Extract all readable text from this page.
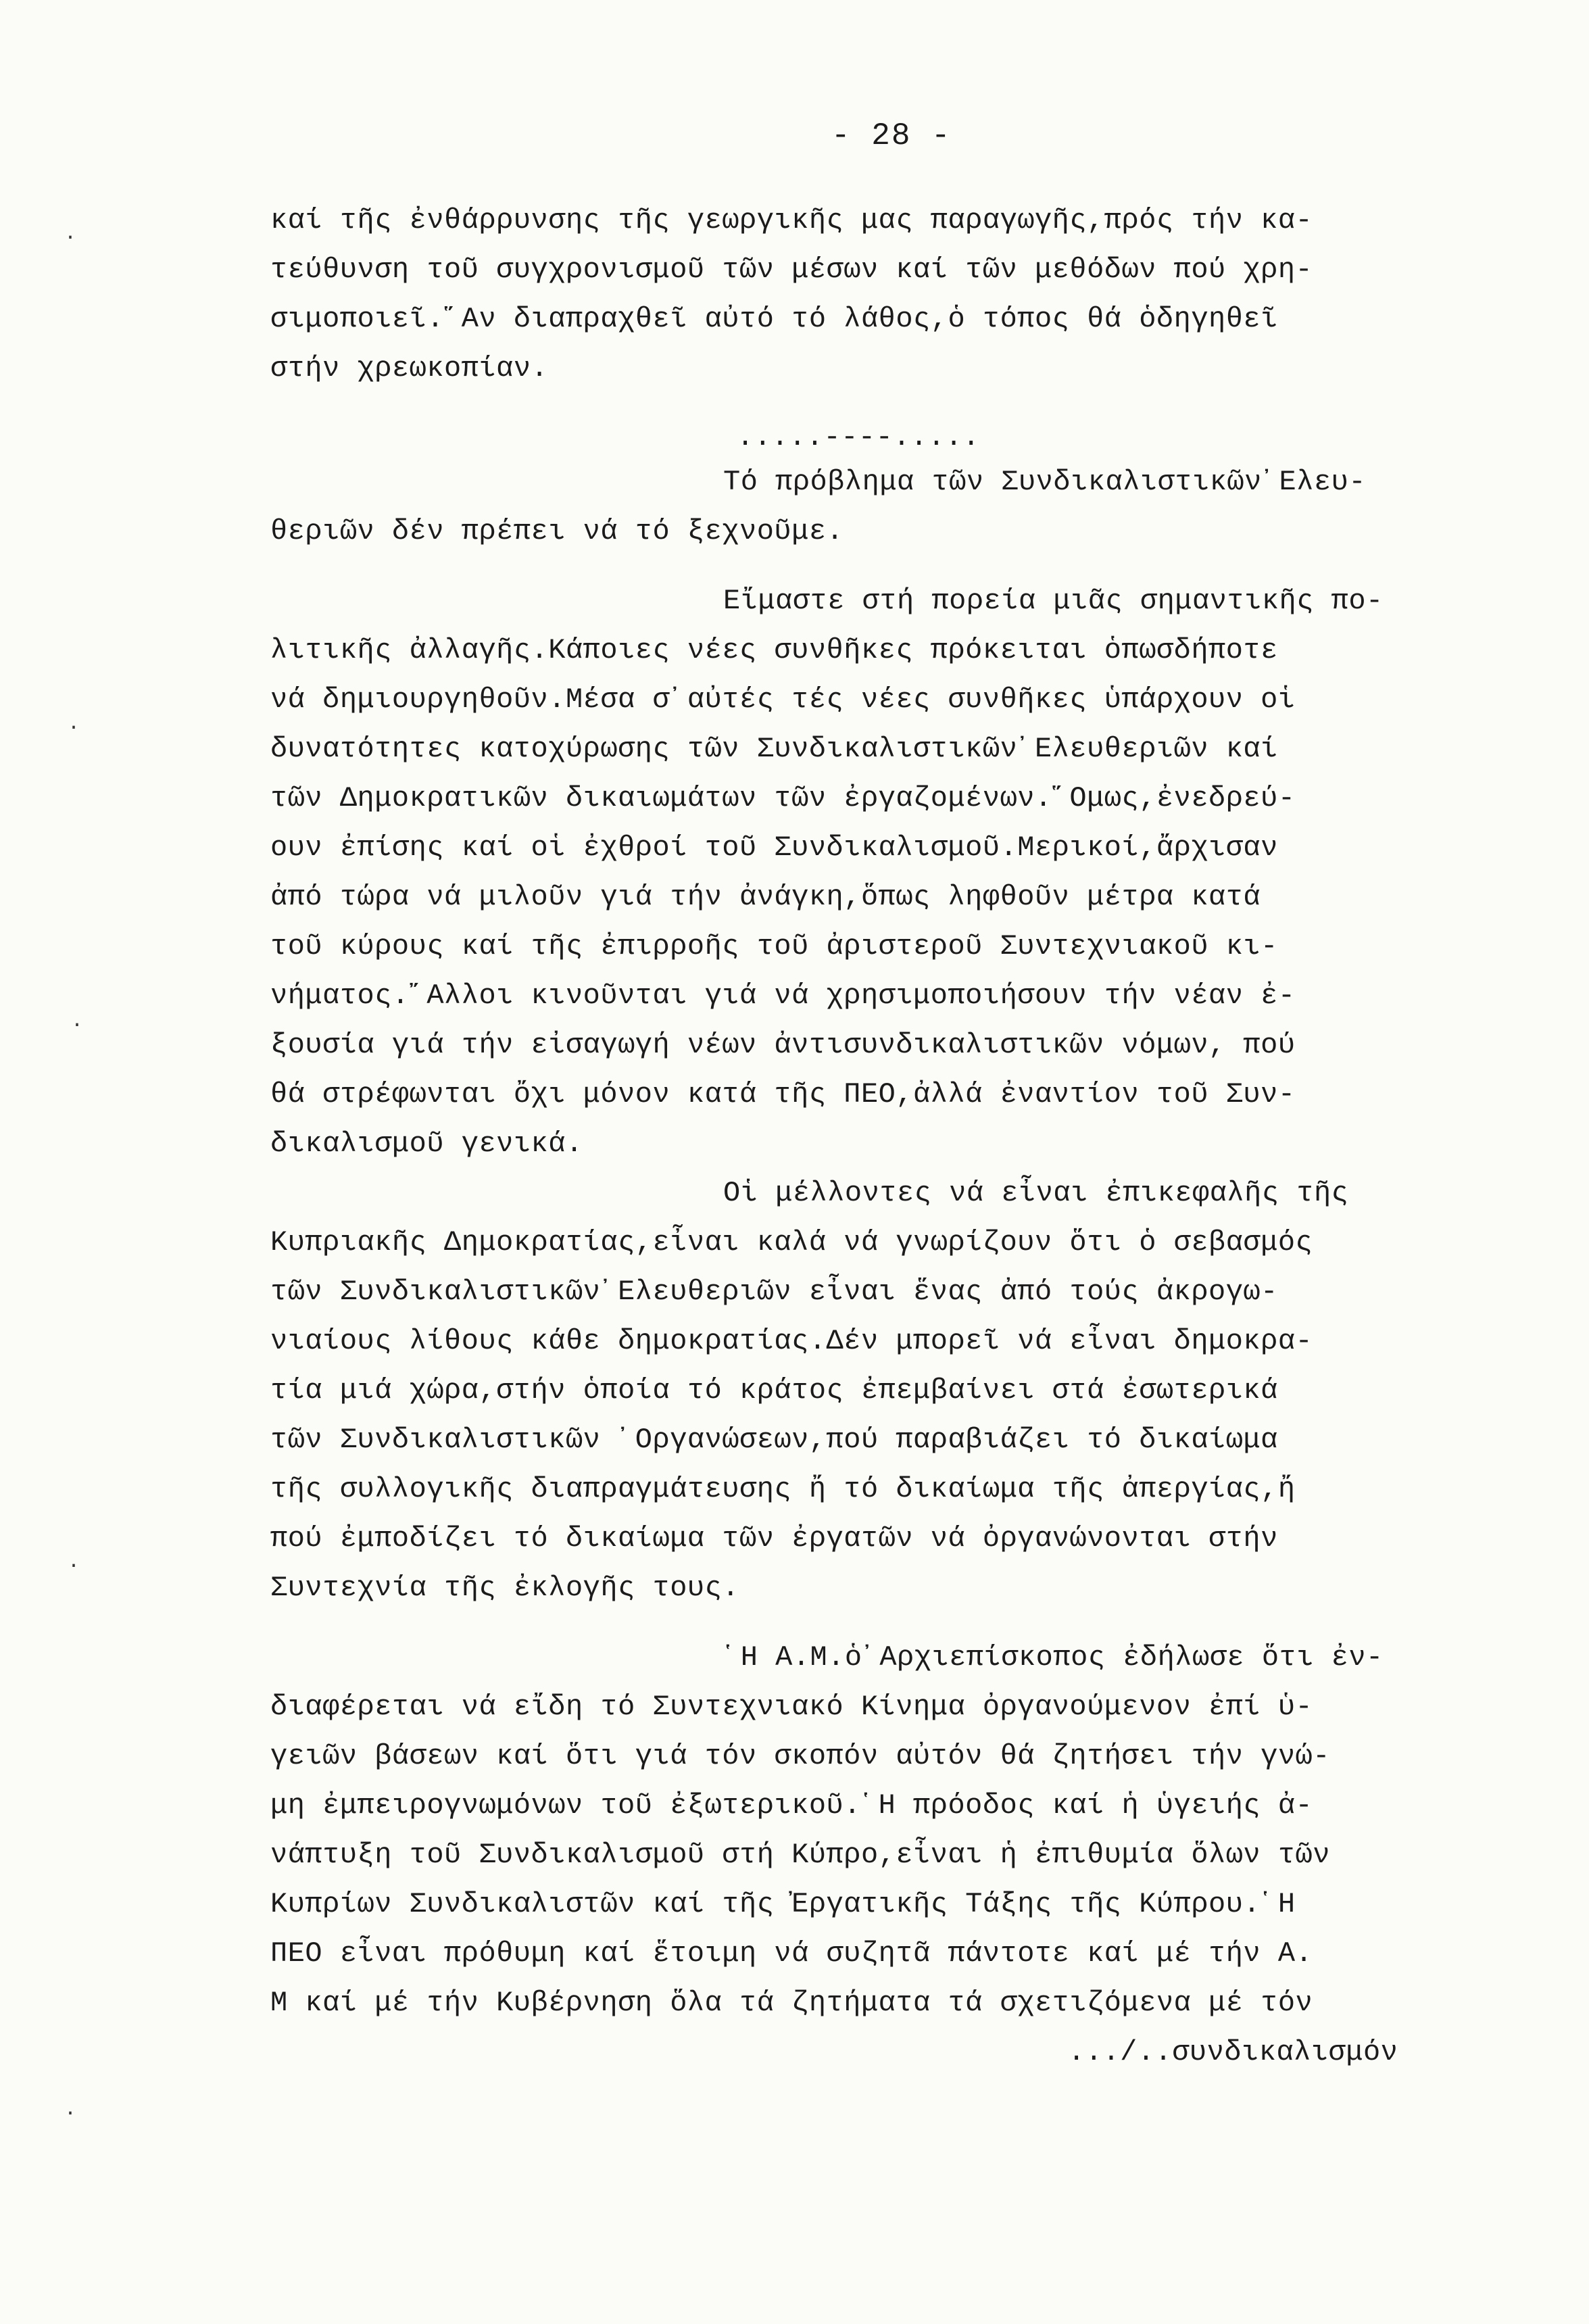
- 28 -
καί τῆς ἐνθάρρυνσης τῆς γεωργικῆς μας παραγωγῆς,πρός τήν κα-
τεύθυνση τοῦ συγχρονισμοῦ τῶν μέσων καί τῶν μεθόδων πού χρη-
σιμοποιεῖ.῞Αν διαπραχθεῖ αὐτό τό λάθος,ὁ τόπος θά ὁδηγηθεῖ
στήν χρεωκοπίαν.
.....----.....
Τό πρόβλημα τῶν Συνδικαλιστικῶν᾿Ελευ-
θεριῶν δέν πρέπει νά τό ξεχνοῦμε.
Εἴμαστε στή πορεία μιᾶς σημαντικῆς πο-
λιτικῆς ἀλλαγῆς.Κάποιες νέες συνθῆκες πρόκειται ὁπωσδήποτε
νά δημιουργηθοῦν.Μέσα σ᾿αὐτές τές νέες συνθῆκες ὑπάρχουν οἱ
δυνατότητες κατοχύρωσης τῶν Συνδικαλιστικῶν᾿Ελευθεριῶν καί
τῶν Δημοκρατικῶν δικαιωμάτων τῶν ἐργαζομένων.῞Ομως,ἐνεδρεύ-
ουν ἐπίσης καί οἱ ἐχθροί τοῦ Συνδικαλισμοῦ.Μερικοί,ἄρχισαν
ἀπό τώρα νά μιλοῦν γιά τήν ἀνάγκη,ὅπως ληφθοῦν μέτρα κατά
τοῦ κύρους καί τῆς ἐπιρροῆς τοῦ ἀριστεροῦ Συντεχνιακοῦ κι-
νήματος.῎Αλλοι κινοῦνται γιά νά χρησιμοποιήσουν τήν νέαν ἐ-
ξουσία γιά τήν εἰσαγωγή νέων ἀντισυνδικαλιστικῶν νόμων, πού
θά στρέφωνται ὄχι μόνον κατά τῆς ΠΕΟ,ἀλλά ἐναντίον τοῦ Συν-
δικαλισμοῦ γενικά.
Οἱ μέλλοντες νά εἶναι ἐπικεφαλῆς τῆς
Κυπριακῆς Δημοκρατίας,εἶναι καλά νά γνωρίζουν ὅτι ὁ σεβασμός
τῶν Συνδικαλιστικῶν᾿Ελευθεριῶν εἶναι ἕνας ἀπό τούς ἀκρογω-
νιαίους λίθους κάθε δημοκρατίας.Δέν μπορεῖ νά εἶναι δημοκρα-
τία μιά χώρα,στήν ὁποία τό κράτος ἐπεμβαίνει στά ἐσωτερικά
τῶν Συνδικαλιστικῶν ᾿Οργανώσεων,πού παραβιάζει τό δικαίωμα
τῆς συλλογικῆς διαπραγμάτευσης ἤ τό δικαίωμα τῆς ἀπεργίας,ἤ
πού ἐμποδίζει τό δικαίωμα τῶν ἐργατῶν νά ὀργανώνονται στήν
Συντεχνία τῆς ἐκλογῆς τους.
῾Η Α.Μ.ὁ᾿Αρχιεπίσκοπος ἐδήλωσε ὅτι ἐν-
διαφέρεται νά εἴδη τό Συντεχνιακό Κίνημα ὀργανούμενον ἐπί ὑ-
γειῶν βάσεων καί ὅτι γιά τόν σκοπόν αὐτόν θά ζητήσει τήν γνώ-
μη ἐμπειρογνωμόνων τοῦ ἐξωτερικοῦ.῾Η πρόοδος καί ἡ ὑγειής ἀ-
νάπτυξη τοῦ Συνδικαλισμοῦ στή Κύπρο,εἶναι ἡ ἐπιθυμία ὅλων τῶν
Κυπρίων Συνδικαλιστῶν καί τῆς Ἐργατικῆς Τάξης τῆς Κύπρου.῾Η
ΠΕΟ εἶναι πρόθυμη καί ἕτοιμη νά συζητᾶ πάντοτε καί μέ τήν Α.
Μ καί μέ τήν Κυβέρνηση ὅλα τά ζητήματα τά σχετιζόμενα μέ τόν
.../..συνδικαλισμόν
·
·
·
·
·
